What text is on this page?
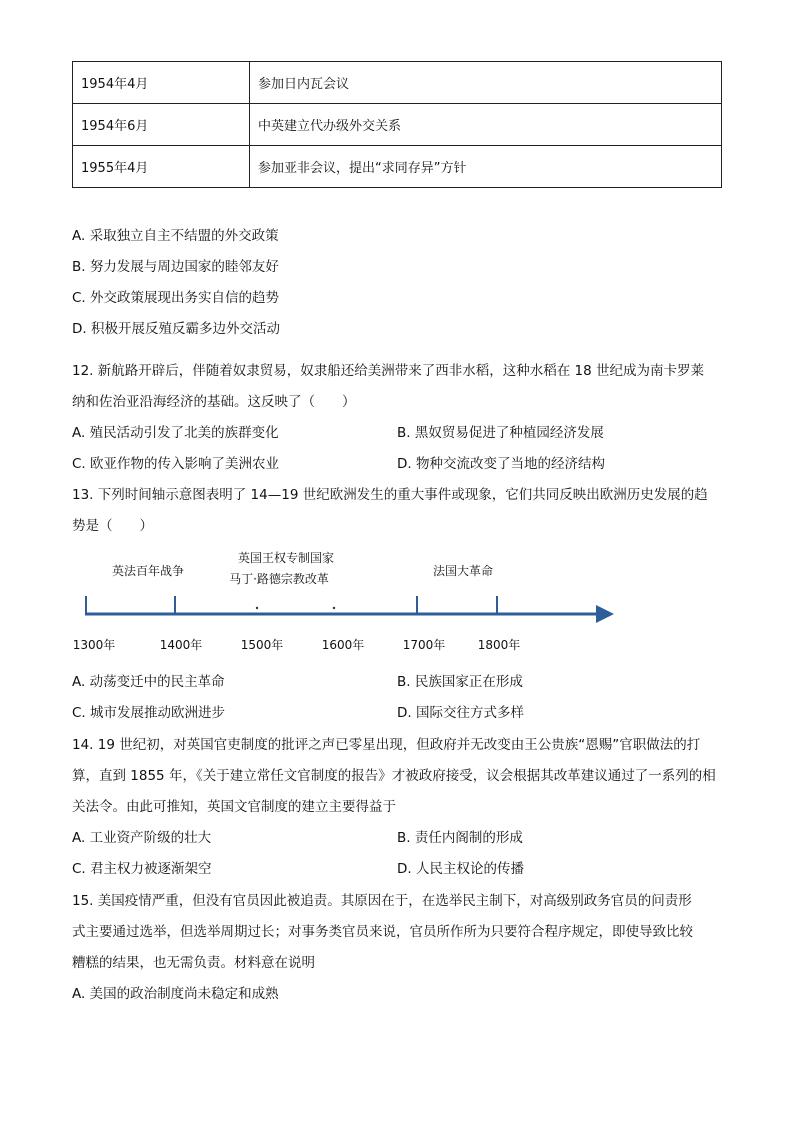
1954年4月	参加日内瓦会议
1954年6月	中英建立代办级外交关系
1955年4月	参加亚非会议，提出“求同存异”方针
A. 采取独立自主不结盟的外交政策
B. 努力发展与周边国家的睦邻友好
C. 外交政策展现出务实自信的趋势
D. 积极开展反殖反霸多边外交活动
12. 新航路开辟后，伴随着奴隶贸易，奴隶船还给美洲带来了西非水稻，这种水稻在 18 世纪成为南卡罗莱
纳和佐治亚沿海经济的基础。这反映了（　　）
A. 殖民活动引发了北美的族群变化	B. 黑奴贸易促进了种植园经济发展
C. 欧亚作物的传入影响了美洲农业	D. 物种交流改变了当地的经济结构
13. 下列时间轴示意图表明了 14—19 世纪欧洲发生的重大事件或现象，它们共同反映出欧洲历史发展的趋
势是（　　）
英法百年战争
英国王权专制国家
马丁·路德宗教改革
法国大革命
1300年	1400年	1500年	1600年	1700年	1800年
A. 动荡变迁中的民主革命	B. 民族国家正在形成
C. 城市发展推动欧洲进步	D. 国际交往方式多样
14. 19 世纪初，对英国官吏制度的批评之声已零星出现，但政府并无改变由王公贵族“恩赐”官职做法的打
算，直到 1855 年，《关于建立常任文官制度的报告》才被政府接受，议会根据其改革建议通过了一系列的相
关法令。由此可推知，英国文官制度的建立主要得益于
A. 工业资产阶级的壮大	B. 责任内阁制的形成
C. 君主权力被逐渐架空	D. 人民主权论的传播
15. 美国疫情严重，但没有官员因此被追责。其原因在于，在选举民主制下，对高级别政务官员的问责形
式主要通过选举，但选举周期过长；对事务类官员来说，官员所作所为只要符合程序规定，即使导致比较
糟糕的结果，也无需负责。材料意在说明
A. 美国的政治制度尚未稳定和成熟
